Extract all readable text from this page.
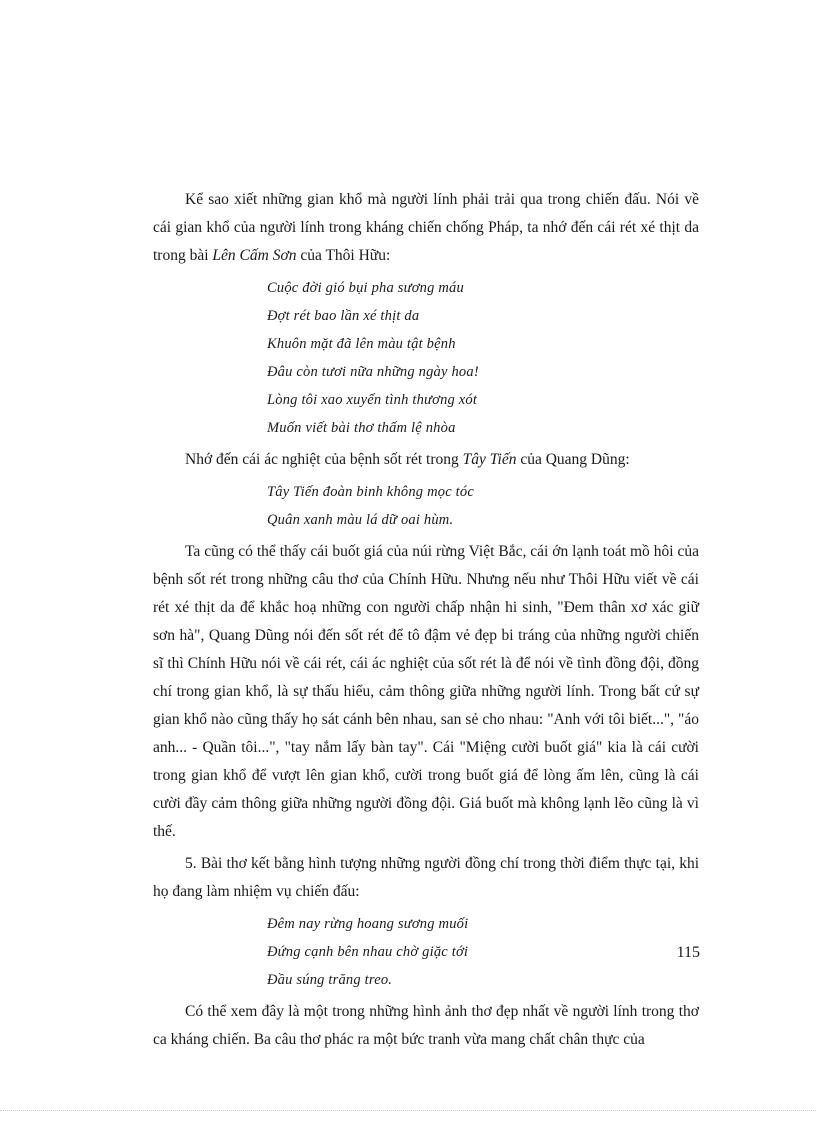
Kể sao xiết những gian khổ mà người lính phải trải qua trong chiến đấu. Nói về cái gian khổ của người lính trong kháng chiến chống Pháp, ta nhớ đến cái rét xé thịt da trong bài Lên Cấm Sơn của Thôi Hữu:

Cuộc đời gió bụi pha sương máu
Đợt rét bao lần xé thịt da
Khuôn mặt đã lên màu tật bệnh
Đâu còn tươi nữa những ngày hoa!
Lòng tôi xao xuyến tình thương xót
Muốn viết bài thơ thấm lệ nhòa

Nhớ đến cái ác nghiệt của bệnh sốt rét trong Tây Tiến của Quang Dũng:

Tây Tiến đoàn binh không mọc tóc
Quân xanh màu lá dữ oai hùm.

Ta cũng có thể thấy cái buốt giá của núi rừng Việt Bắc, cái ớn lạnh toát mồ hôi của bệnh sốt rét trong những câu thơ của Chính Hữu. Nhưng nếu như Thôi Hữu viết về cái rét xé thịt da để khắc hoạ những con người chấp nhận hi sinh, "Đem thân xơ xác giữ sơn hà", Quang Dũng nói đến sốt rét để tô đậm vẻ đẹp bi tráng của những người chiến sĩ thì Chính Hữu nói về cái rét, cái ác nghiệt của sốt rét là để nói về tình đồng đội, đồng chí trong gian khổ, là sự thấu hiểu, cảm thông giữa những người lính. Trong bất cứ sự gian khổ nào cũng thấy họ sát cánh bên nhau, san sẻ cho nhau: "Anh với tôi biết...", "áo anh... - Quần tôi...", "tay nắm lấy bàn tay". Cái "Miệng cười buốt giá" kia là cái cười trong gian khổ để vượt lên gian khổ, cười trong buốt giá để lòng ấm lên, cũng là cái cười đầy cảm thông giữa những người đồng đội. Giá buốt mà không lạnh lẽo cũng là vì thế.

5. Bài thơ kết bằng hình tượng những người đồng chí trong thời điểm thực tại, khi họ đang làm nhiệm vụ chiến đấu:

Đêm nay rừng hoang sương muối
Đứng cạnh bên nhau chờ giặc tới
Đầu súng trăng treo.

Có thể xem đây là một trong những hình ảnh thơ đẹp nhất về người lính trong thơ ca kháng chiến. Ba câu thơ phác ra một bức tranh vừa mang chất chân thực của

115
